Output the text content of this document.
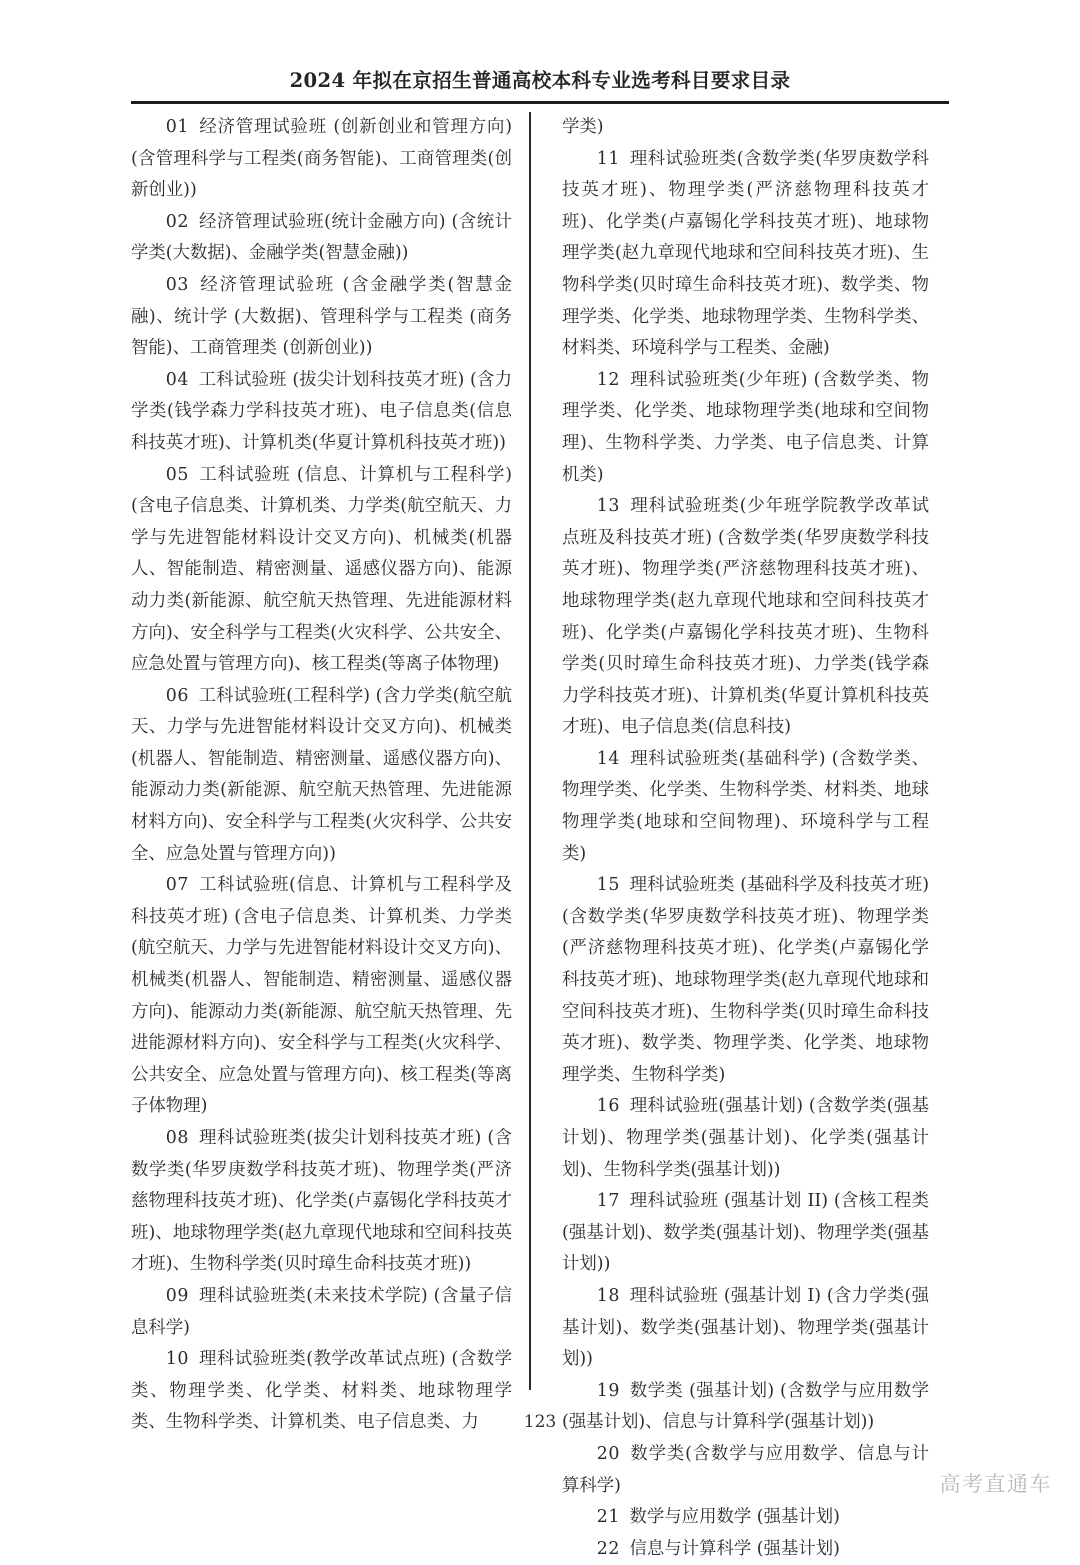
2024 年拟在京招生普通高校本科专业选考科目要求目录

01 经济管理试验班 (创新创业和管理方向) (含管理科学与工程类(商务智能)、工商管理类(创新创业))

02 经济管理试验班(统计金融方向) (含统计学类(大数据)、金融学类(智慧金融))

03 经济管理试验班 (含金融学类(智慧金融)、统计学 (大数据)、管理科学与工程类 (商务智能)、工商管理类 (创新创业))

04 工科试验班 (拔尖计划科技英才班) (含力学类(钱学森力学科技英才班)、电子信息类(信息科技英才班)、计算机类(华夏计算机科技英才班))

05 工科试验班 (信息、计算机与工程科学) (含电子信息类、计算机类、力学类(航空航天、力学与先进智能材料设计交叉方向)、机械类(机器人、智能制造、精密测量、遥感仪器方向)、能源动力类(新能源、航空航天热管理、先进能源材料方向)、安全科学与工程类(火灾科学、公共安全、应急处置与管理方向)、核工程类(等离子体物理)

06 工科试验班(工程科学) (含力学类(航空航天、力学与先进智能材料设计交叉方向)、机械类(机器人、智能制造、精密测量、遥感仪器方向)、能源动力类(新能源、航空航天热管理、先进能源材料方向)、安全科学与工程类(火灾科学、公共安全、应急处置与管理方向))

07 工科试验班(信息、计算机与工程科学及科技英才班) (含电子信息类、计算机类、力学类(航空航天、力学与先进智能材料设计交叉方向)、机械类(机器人、智能制造、精密测量、遥感仪器方向)、能源动力类(新能源、航空航天热管理、先进能源材料方向)、安全科学与工程类(火灾科学、公共安全、应急处置与管理方向)、核工程类(等离子体物理)

08 理科试验班类(拔尖计划科技英才班) (含数学类(华罗庚数学科技英才班)、物理学类(严济慈物理科技英才班)、化学类(卢嘉锡化学科技英才班)、地球物理学类(赵九章现代地球和空间科技英才班)、生物科学类(贝时璋生命科技英才班))

09 理科试验班类(未来技术学院) (含量子信息科学)

10 理科试验班类(教学改革试点班) (含数学类、物理学类、化学类、材料类、地球物理学类、生物科学类、计算机类、电子信息类、力

学类)

11 理科试验班类(含数学类(华罗庚数学科技英才班)、物理学类(严济慈物理科技英才班)、化学类(卢嘉锡化学科技英才班)、地球物理学类(赵九章现代地球和空间科技英才班)、生物科学类(贝时璋生命科技英才班)、数学类、物理学类、化学类、地球物理学类、生物科学类、材料类、环境科学与工程类、金融)

12 理科试验班类(少年班) (含数学类、物理学类、化学类、地球物理学类(地球和空间物理)、生物科学类、力学类、电子信息类、计算机类)

13 理科试验班类(少年班学院教学改革试点班及科技英才班) (含数学类(华罗庚数学科技英才班)、物理学类(严济慈物理科技英才班)、地球物理学类(赵九章现代地球和空间科技英才班)、化学类(卢嘉锡化学科技英才班)、生物科学类(贝时璋生命科技英才班)、力学类(钱学森力学科技英才班)、计算机类(华夏计算机科技英才班)、电子信息类(信息科技)

14 理科试验班类(基础科学) (含数学类、物理学类、化学类、生物科学类、材料类、地球物理学类(地球和空间物理)、环境科学与工程类)

15 理科试验班类 (基础科学及科技英才班) (含数学类(华罗庚数学科技英才班)、物理学类(严济慈物理科技英才班)、化学类(卢嘉锡化学科技英才班)、地球物理学类(赵九章现代地球和空间科技英才班)、生物科学类(贝时璋生命科技英才班)、数学类、物理学类、化学类、地球物理学类、生物科学类)

16 理科试验班(强基计划) (含数学类(强基计划)、物理学类(强基计划)、化学类(强基计划)、生物科学类(强基计划))

17 理科试验班 (强基计划 II) (含核工程类(强基计划)、数学类(强基计划)、物理学类(强基计划))

18 理科试验班 (强基计划 I) (含力学类(强基计划)、数学类(强基计划)、物理学类(强基计划))

19 数学类 (强基计划) (含数学与应用数学 (强基计划)、信息与计算科学(强基计划))

20 数学类(含数学与应用数学、信息与计算科学)

21 数学与应用数学 (强基计划)

22 信息与计算科学 (强基计划)

123
高考直通车
